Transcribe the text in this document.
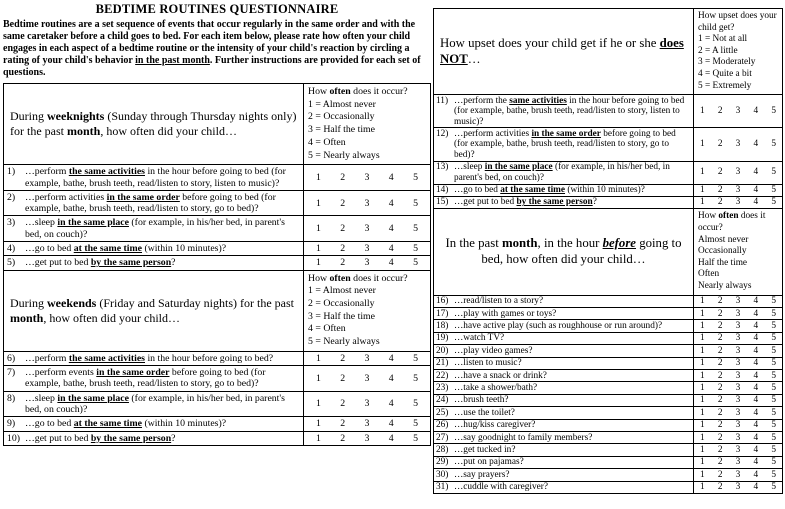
BEDTIME ROUTINES QUESTIONNAIRE
Bedtime routines are a set sequence of events that occur regularly in the same order and with the same caretaker before a child goes to bed. For each item below, please rate how often your child engages in each aspect of a bedtime routine or the intensity of your child's reaction by circling a rating of your child's behavior in the past month. Further instructions are provided for each set of questions.
During weeknights (Sunday through Thursday nights only) for the past month, how often did your child…
How often does it occur?
1 = Almost never
2 = Occasionally
3 = Half the time
4 = Often
5 = Nearly always
1) …perform the same activities in the hour before going to bed (for example, bathe, brush teeth, read/listen to story, listen to music)?
1 2 3 4 5
2) …perform activities in the same order before going to bed (for example, bathe, brush teeth, read/listen to story, go to bed)?
1 2 3 4 5
3) …sleep in the same place (for example, in his/her bed, in parent's bed, on couch)?
1 2 3 4 5
4) …go to bed at the same time (within 10 minutes)?	1 2 3 4 5
5) …get put to bed by the same person?	1 2 3 4 5
During weekends (Friday and Saturday nights) for the past month, how often did your child…
How often does it occur?
1 = Almost never
2 = Occasionally
3 = Half the time
4 = Often
5 = Nearly always
6) …perform the same activities in the hour before going to bed?	1 2 3 4 5
7) …perform events in the same order before going to bed (for example, bathe, brush teeth, read/listen to story, go to bed)?
1 2 3 4 5
8) …sleep in the same place (for example, in his/her bed, in parent's bed, on couch)?
1 2 3 4 5
9) …go to bed at the same time (within 10 minutes)?	1 2 3 4 5
10) …get put to bed by the same person?	1 2 3 4 5
How upset does your child get if he or she does NOT…
How upset does your child get?
1 = Not at all
2 = A little
3 = Moderately
4 = Quite a bit
5 = Extremely
11) …perform the same activities in the hour before going to bed (for example, bathe, brush teeth, read/listen to story, listen to music)?
1 2 3 4 5
12) …perform activities in the same order before going to bed (for example, bathe, brush teeth, read/listen to story, go to bed)?
1 2 3 4 5
13) …sleep in the same place (for example, in his/her bed, in parent's bed, on couch)?
1 2 3 4 5
14) …go to bed at the same time (within 10 minutes)?	1 2 3 4 5
15) …get put to bed by the same person?	1 2 3 4 5
In the past month, in the hour before going to bed, how often did your child…
How often does it occur?
Almost never
Occasionally
Half the time
Often
Nearly always
16) …read/listen to a story?	1 2 3 4 5
17) …play with games or toys?	1 2 3 4 5
18) …have active play (such as roughhouse or run around)?	1 2 3 4 5
19) …watch TV?	1 2 3 4 5
20) …play video games?	1 2 3 4 5
21) …listen to music?	1 2 3 4 5
22) …have a snack or drink?	1 2 3 4 5
23) …take a shower/bath?	1 2 3 4 5
24) …brush teeth?	1 2 3 4 5
25) …use the toilet?	1 2 3 4 5
26) …hug/kiss caregiver?	1 2 3 4 5
27) …say goodnight to family members?	1 2 3 4 5
28) …get tucked in?	1 2 3 4 5
29) …put on pajamas?	1 2 3 4 5
30) …say prayers?	1 2 3 4 5
31) …cuddle with caregiver?	1 2 3 4 5
